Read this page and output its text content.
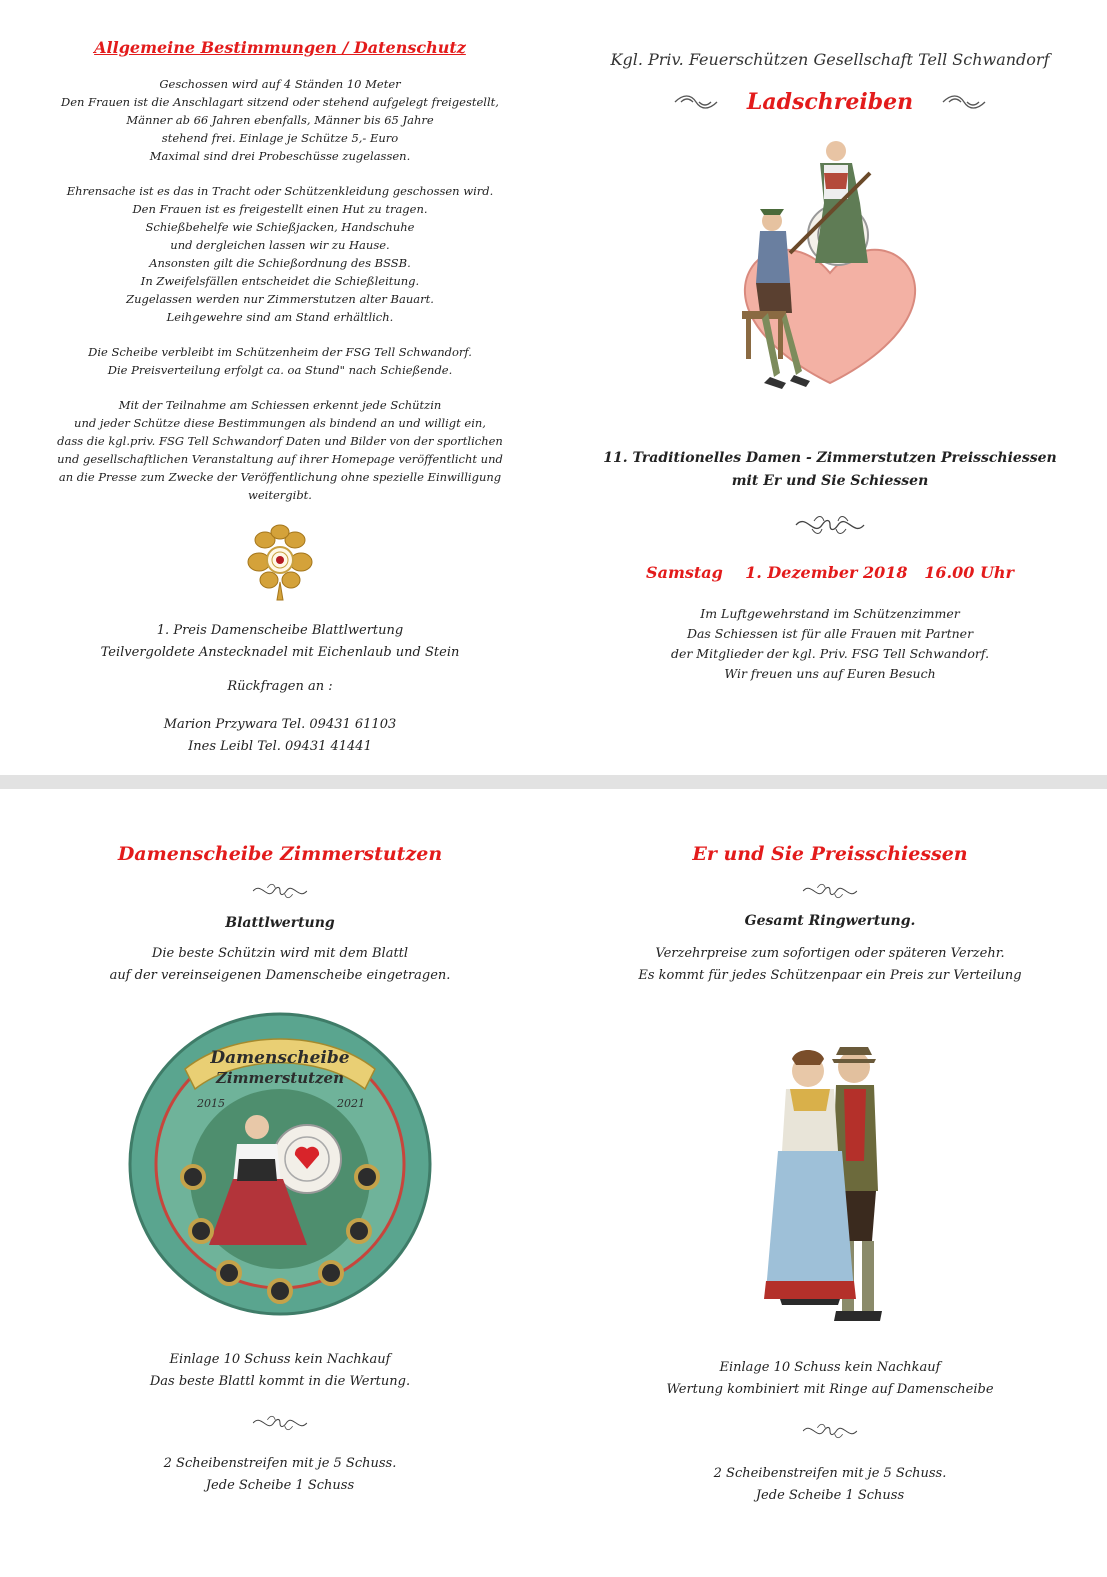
Allgemeine Bestimmungen / Datenschutz
Geschossen wird auf 4 Ständen 10 Meter
Den Frauen ist die Anschlagart sitzend oder stehend aufgelegt freigestellt,
Männer ab 66 Jahren ebenfalls, Männer bis 65 Jahre
stehend frei. Einlage je Schütze 5,- Euro
Maximal sind drei Probeschüsse zugelassen.
Ehrensache ist es das in Tracht oder Schützenkleidung geschossen wird.
Den Frauen ist es freigestellt einen Hut zu tragen.
Schießbehelfe wie Schießjacken, Handschuhe
und dergleichen lassen wir zu Hause.
Ansonsten gilt die Schießordnung des BSSB.
In Zweifelsfällen entscheidet die Schießleitung.
Zugelassen werden nur Zimmerstutzen alter Bauart.
Leihgewehre sind am Stand erhältlich.
Die Scheibe verbleibt im Schützenheim der FSG Tell Schwandorf.
Die Preisverteilung erfolgt ca. oa Stund" nach Schießende.
Mit der Teilnahme am Schiessen erkennt jede Schützin
und jeder Schütze diese Bestimmungen als bindend an und willigt ein,
dass die kgl.priv. FSG Tell Schwandorf Daten und Bilder von der sportlichen
und gesellschaftlichen Veranstaltung auf ihrer Homepage veröffentlicht und
an die Presse zum Zwecke der Veröffentlichung ohne spezielle Einwilligung
weitergibt.
1. Preis Damenscheibe Blattlwertung
Teilvergoldete Anstecknadel mit Eichenlaub und Stein
Rückfragen an :
Marion Przywara Tel. 09431 61103
Ines Leibl Tel. 09431 41441
Kgl. Priv. Feuerschützen Gesellschaft Tell Schwandorf
Ladschreiben
11. Traditionelles Damen - Zimmerstutzen Preisschiessen
mit Er und Sie Schiessen
Samstag    1. Dezember 2018   16.00 Uhr
Im Luftgewehrstand im Schützenzimmer
Das Schiessen ist für alle Frauen mit Partner
der Mitglieder der kgl. Priv. FSG Tell Schwandorf.
Wir freuen uns auf Euren Besuch
Damenscheibe Zimmerstutzen
Blattlwertung
Die beste Schützin wird mit dem Blattl
auf der vereinseigenen Damenscheibe eingetragen.
Damenscheibe
Zimmerstutzen
2015	2021
Einlage 10 Schuss kein Nachkauf
Das beste Blattl kommt in die Wertung.
2 Scheibenstreifen mit je 5 Schuss.
Jede Scheibe 1 Schuss
Er und Sie Preisschiessen
Gesamt Ringwertung.
Verzehrpreise zum sofortigen oder späteren Verzehr.
Es kommt für jedes Schützenpaar ein Preis zur Verteilung
Einlage 10 Schuss kein Nachkauf
Wertung kombiniert mit Ringe auf Damenscheibe
2 Scheibenstreifen mit je 5 Schuss.
Jede Scheibe 1 Schuss
